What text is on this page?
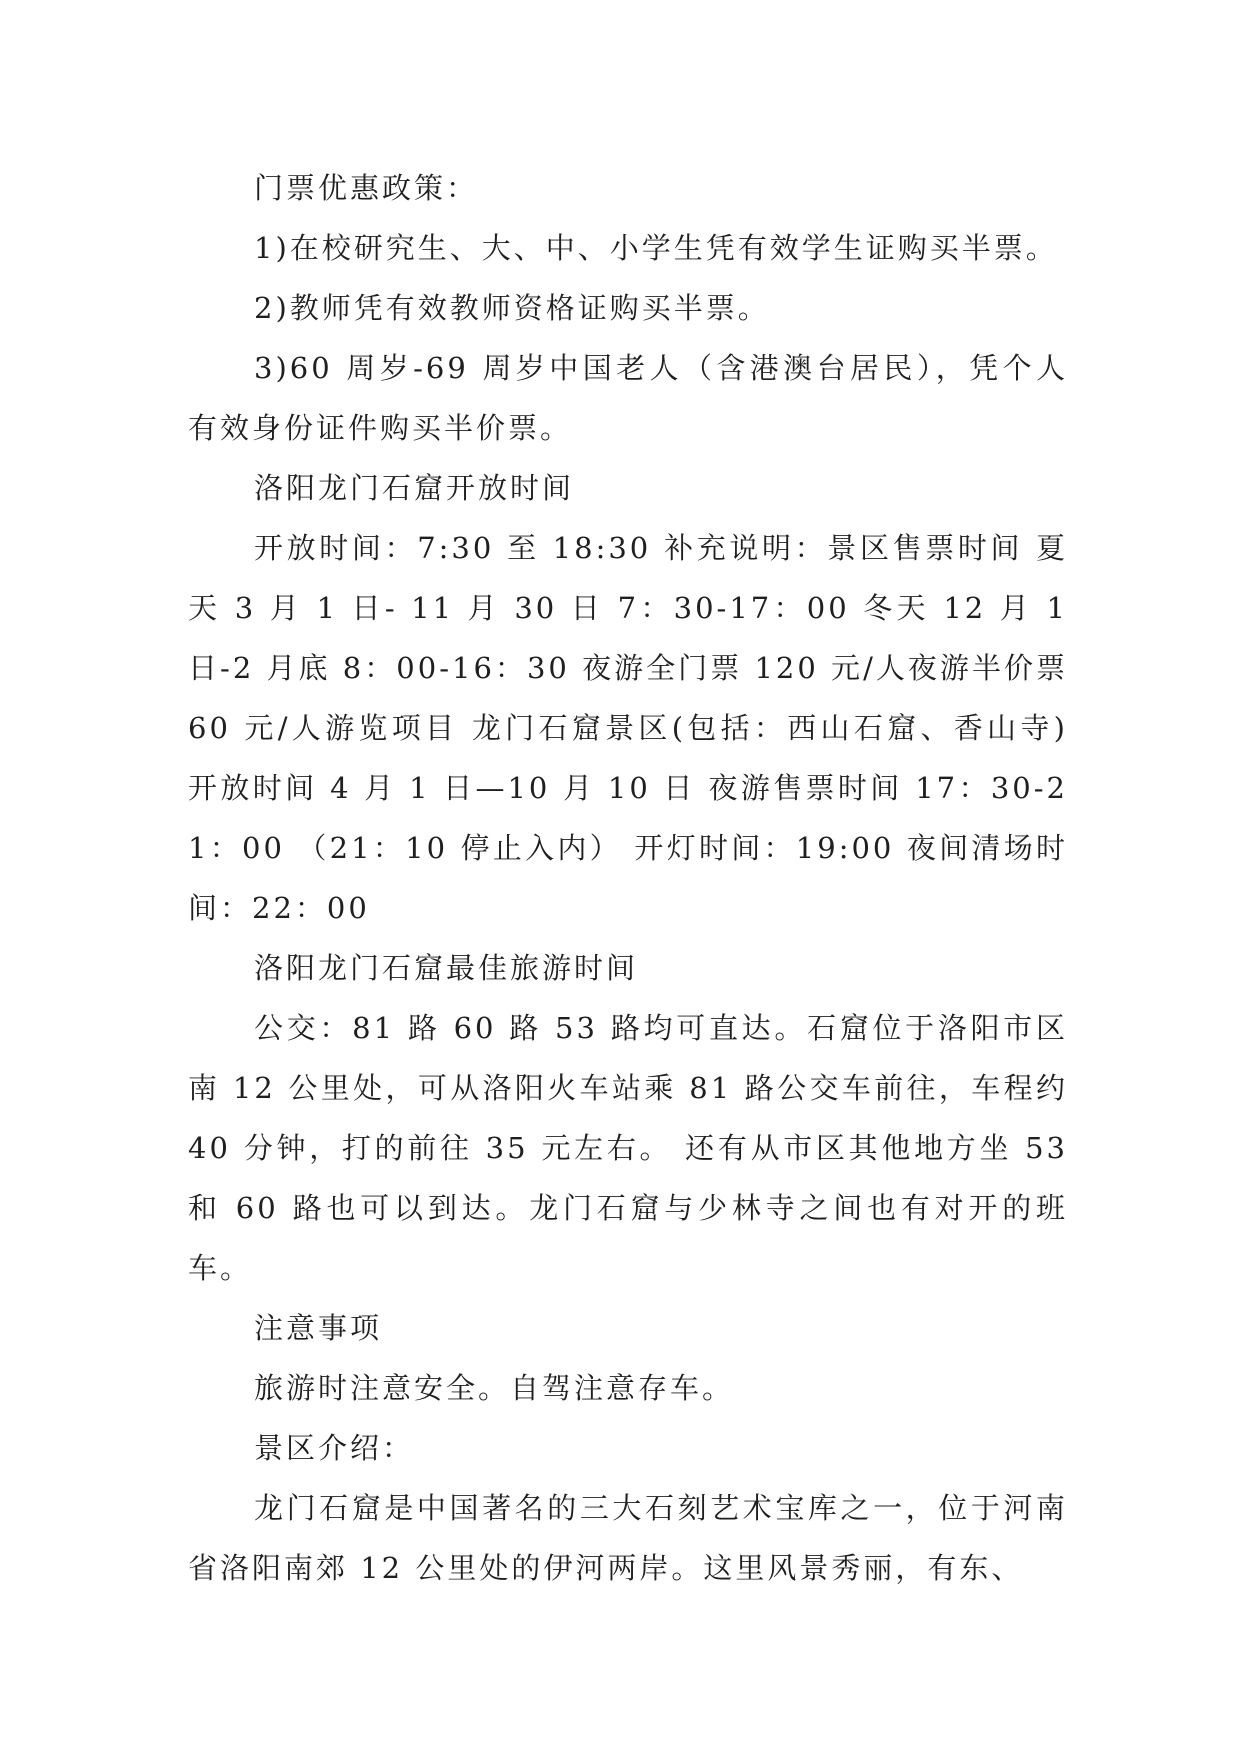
门票优惠政策：

1)在校研究生、大、中、小学生凭有效学生证购买半票。

2)教师凭有效教师资格证购买半票。

3)60 周岁-69 周岁中国老人（含港澳台居民），凭个人有效身份证件购买半价票。

洛阳龙门石窟开放时间

开放时间：7:30 至 18:30 补充说明：景区售票时间 夏天 3 月 1 日- 11 月 30 日 7：30-17：00 冬天 12 月 1 日-2 月底 8：00-16：30 夜游全门票 120 元/人夜游半价票 60 元/人游览项目 龙门石窟景区(包括：西山石窟、香山寺) 开放时间 4 月 1 日—10 月 10 日 夜游售票时间 17：30-21：00 （21：10 停止入内） 开灯时间：19:00 夜间清场时间：22：00

洛阳龙门石窟最佳旅游时间

公交：81 路 60 路 53 路均可直达。石窟位于洛阳市区南 12 公里处，可从洛阳火车站乘 81 路公交车前往，车程约 40 分钟，打的前往 35 元左右。 还有从市区其他地方坐 53 和 60 路也可以到达。龙门石窟与少林寺之间也有对开的班车。

注意事项

旅游时注意安全。自驾注意存车。

景区介绍：

龙门石窟是中国著名的三大石刻艺术宝库之一，位于河南省洛阳南郊 12 公里处的伊河两岸。这里风景秀丽，有东、
